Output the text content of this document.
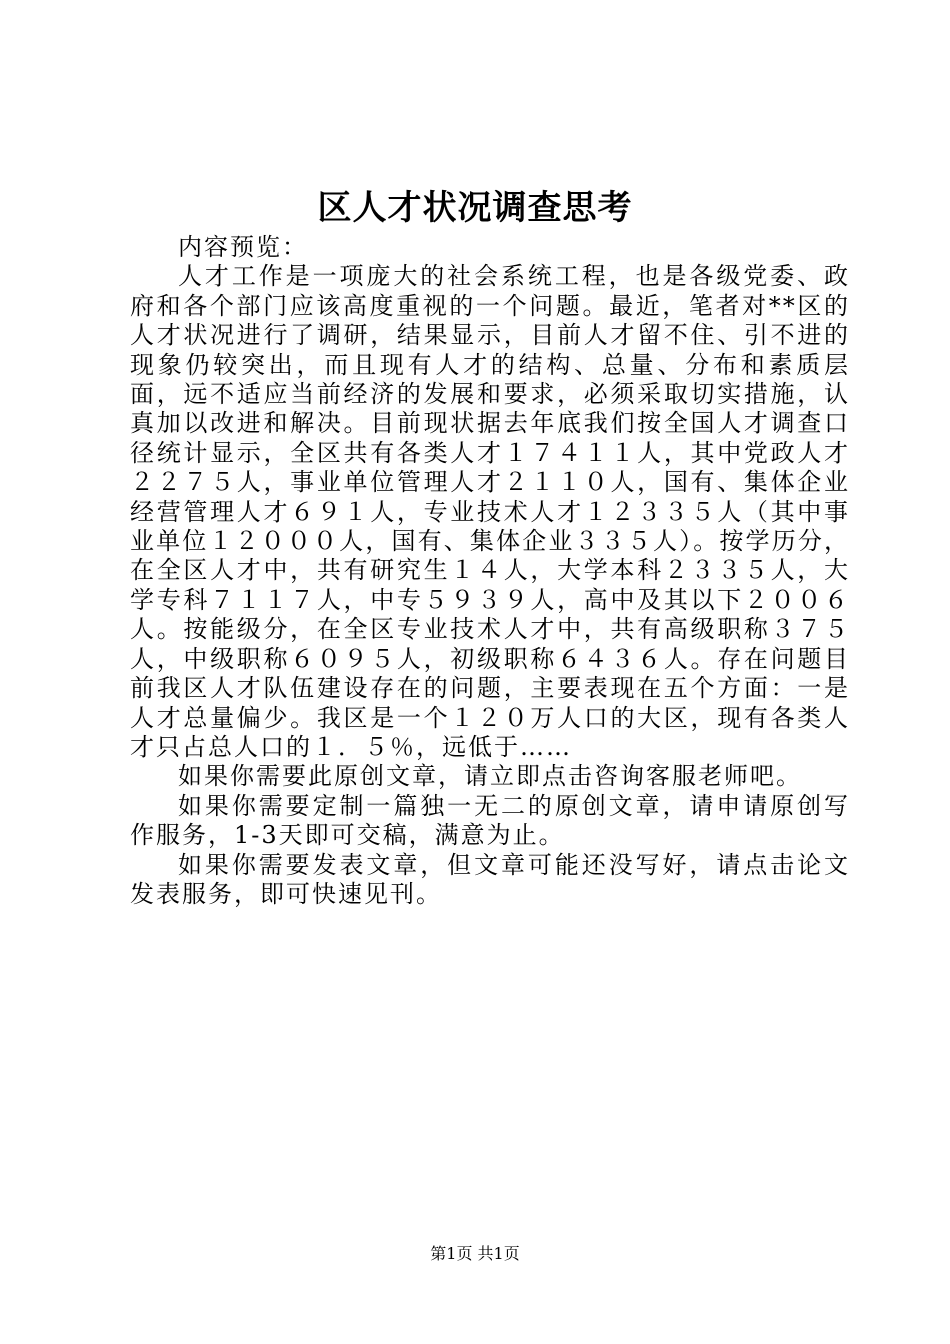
区人才状况调查思考

内容预览：

人才工作是一项庞大的社会系统工程，也是各级党委、政府和各个部门应该高度重视的一个问题。最近，笔者对**区的人才状况进行了调研，结果显示，目前人才留不住、引不进的现象仍较突出，而且现有人才的结构、总量、分布和素质层面，远不适应当前经济的发展和要求，必须采取切实措施，认真加以改进和解决。目前现状据去年底我们按全国人才调查口径统计显示，全区共有各类人才１７４１１人，其中党政人才２２７５人，事业单位管理人才２１１０人，国有、集体企业经营管理人才６９１人，专业技术人才１２３３５人（其中事业单位１２０００人，国有、集体企业３３５人）。按学历分，在全区人才中，共有研究生１４人，大学本科２３３５人，大学专科７１１７人，中专５９３９人，高中及其以下２００６人。按能级分，在全区专业技术人才中，共有高级职称３７５人，中级职称６０９５人，初级职称６４３６人。存在问题目前我区人才队伍建设存在的问题，主要表现在五个方面：一是人才总量偏少。我区是一个１２０万人口的大区，现有各类人才只占总人口的１．５％，远低于……

如果你需要此原创文章，请立即点击咨询客服老师吧。

如果你需要定制一篇独一无二的原创文章，请申请原创写作服务，1-3天即可交稿，满意为止。

如果你需要发表文章，但文章可能还没写好，请点击论文发表服务，即可快速见刊。

第1页 共1页
